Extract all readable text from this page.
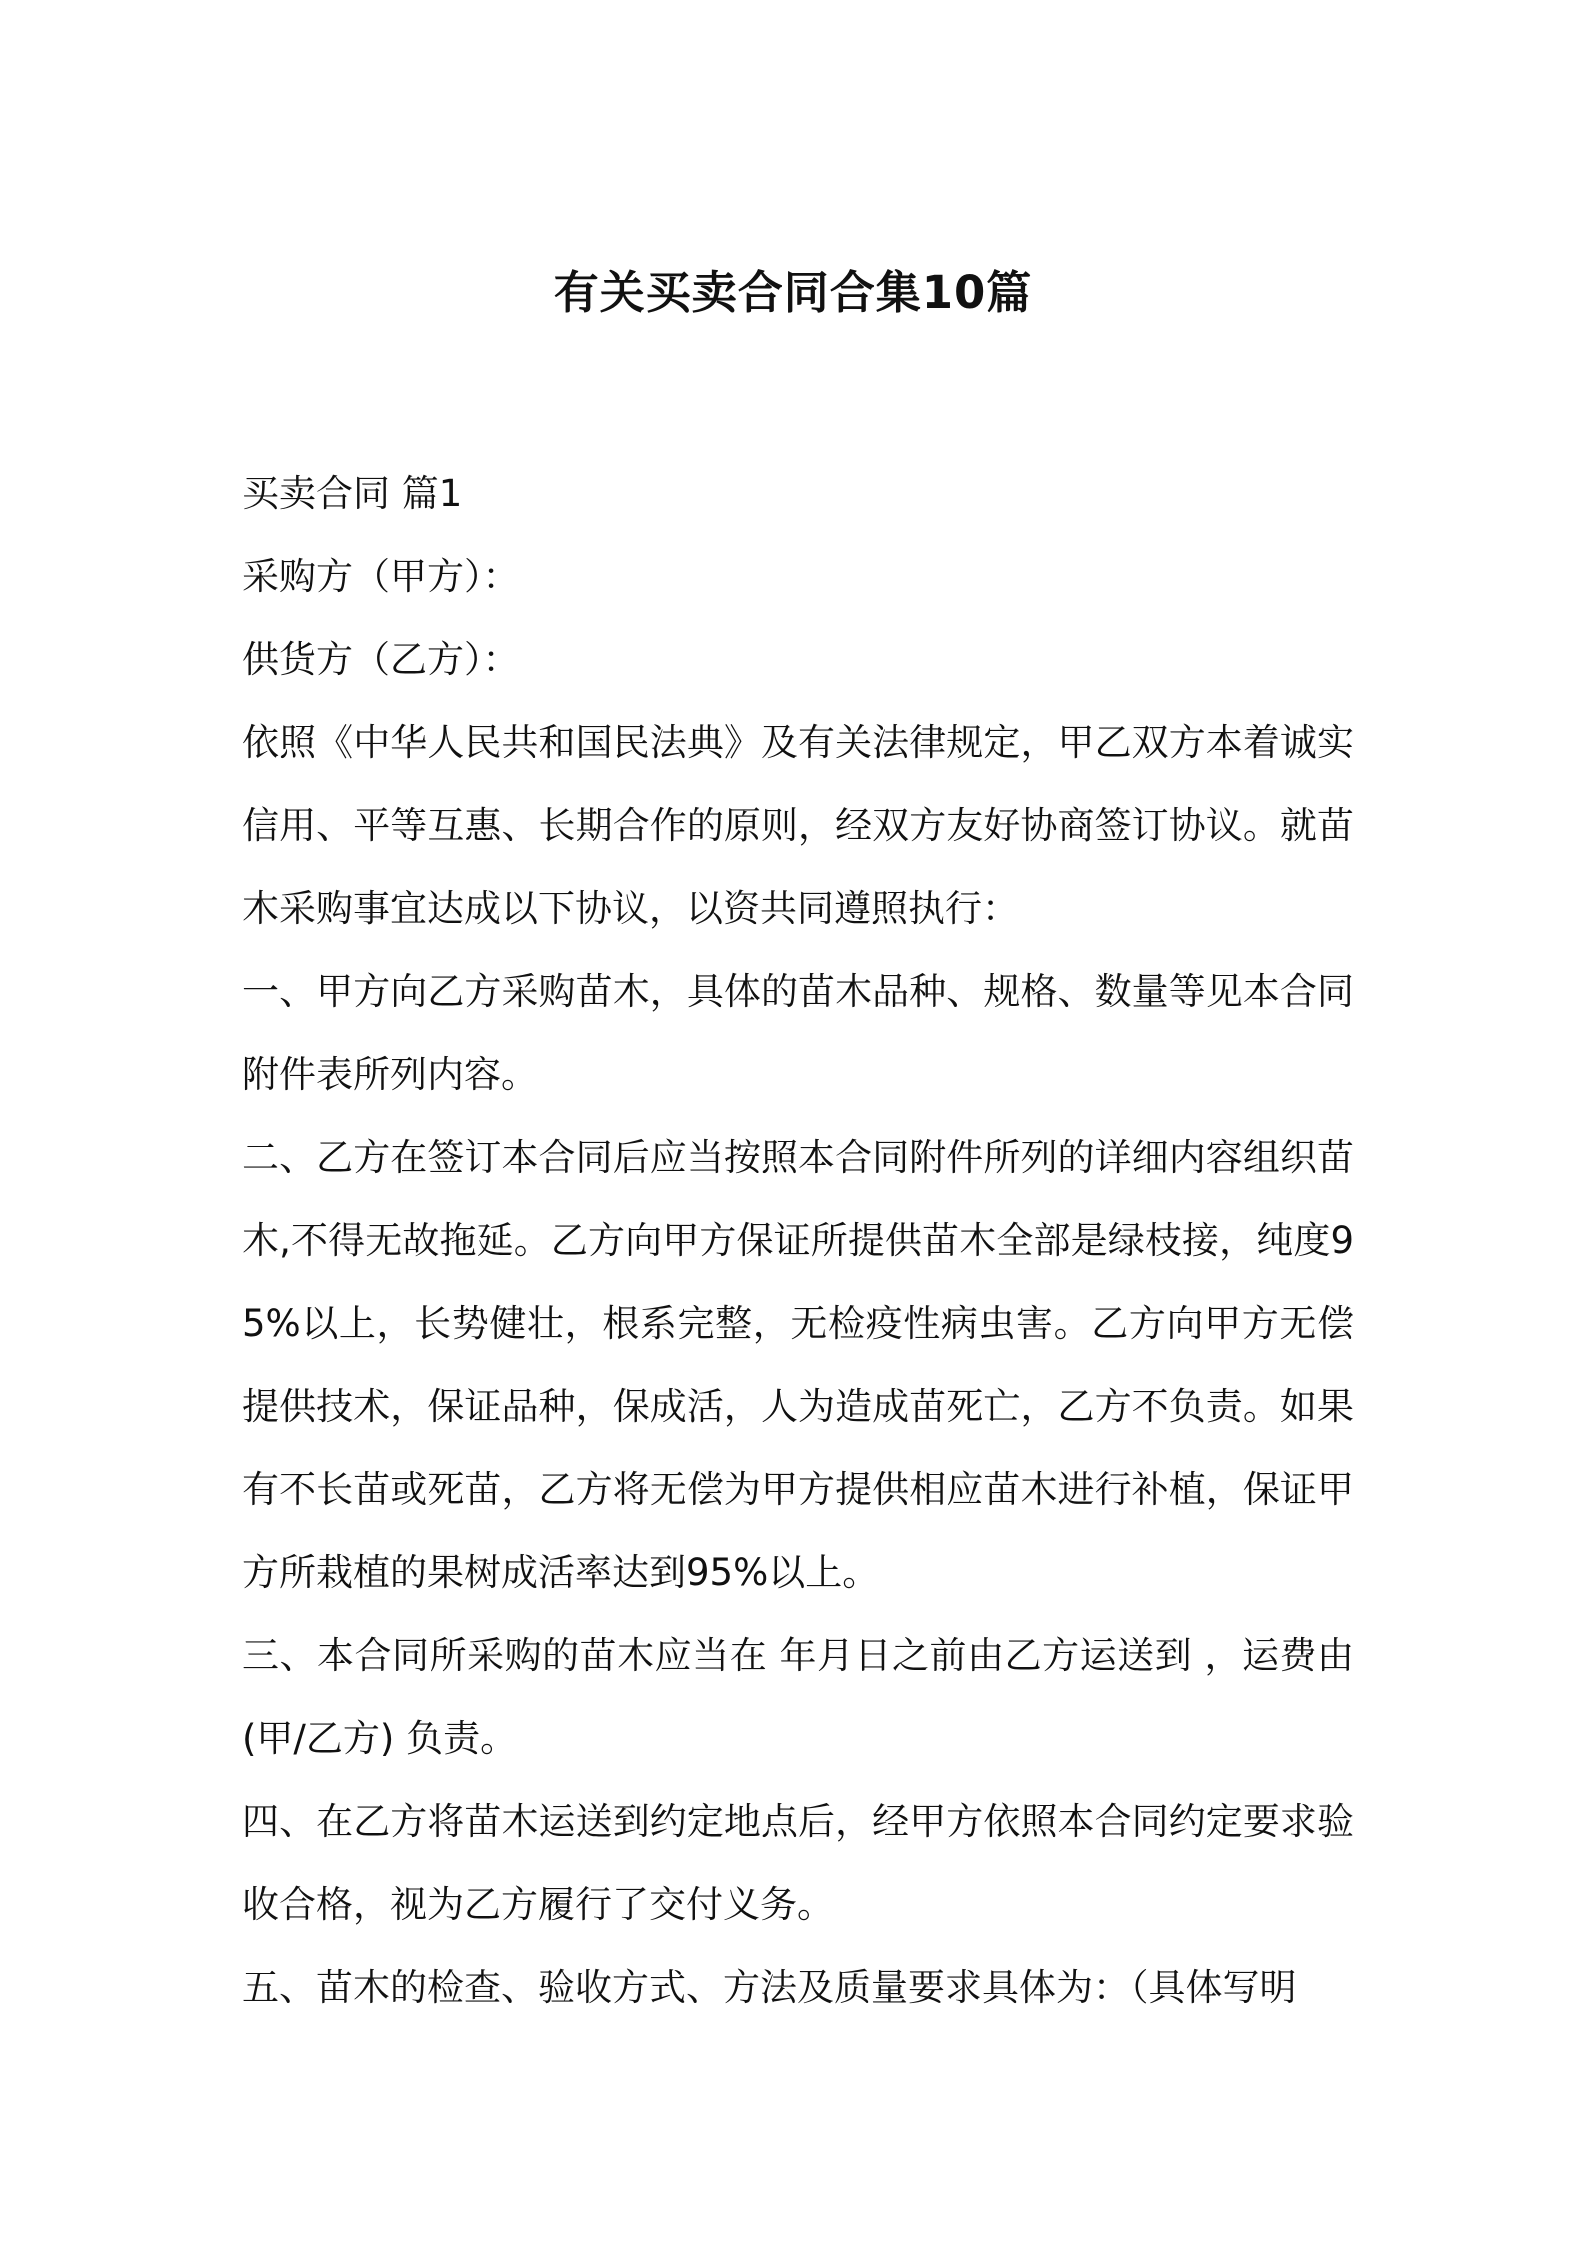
有关买卖合同合集10篇

买卖合同 篇1

采购方（甲方）：

供货方（乙方）：

依照《中华人民共和国民法典》及有关法律规定，甲乙双方本着诚实信用、平等互惠、长期合作的原则，经双方友好协商签订协议。就苗木采购事宜达成以下协议，以资共同遵照执行：

一、甲方向乙方采购苗木，具体的苗木品种、规格、数量等见本合同附件表所列内容。

二、乙方在签订本合同后应当按照本合同附件所列的详细内容组织苗木,不得无故拖延。乙方向甲方保证所提供苗木全部是绿枝接，纯度95%以上，长势健壮，根系完整，无检疫性病虫害。乙方向甲方无偿提供技术，保证品种，保成活，人为造成苗死亡，乙方不负责。如果有不长苗或死苗，乙方将无偿为甲方提供相应苗木进行补植，保证甲方所栽植的果树成活率达到95%以上。

三、本合同所采购的苗木应当在 年月日之前由乙方运送到 ，运费由(甲/乙方) 负责。

四、在乙方将苗木运送到约定地点后，经甲方依照本合同约定要求验收合格，视为乙方履行了交付义务。

五、苗木的检查、验收方式、方法及质量要求具体为：（具体写明
